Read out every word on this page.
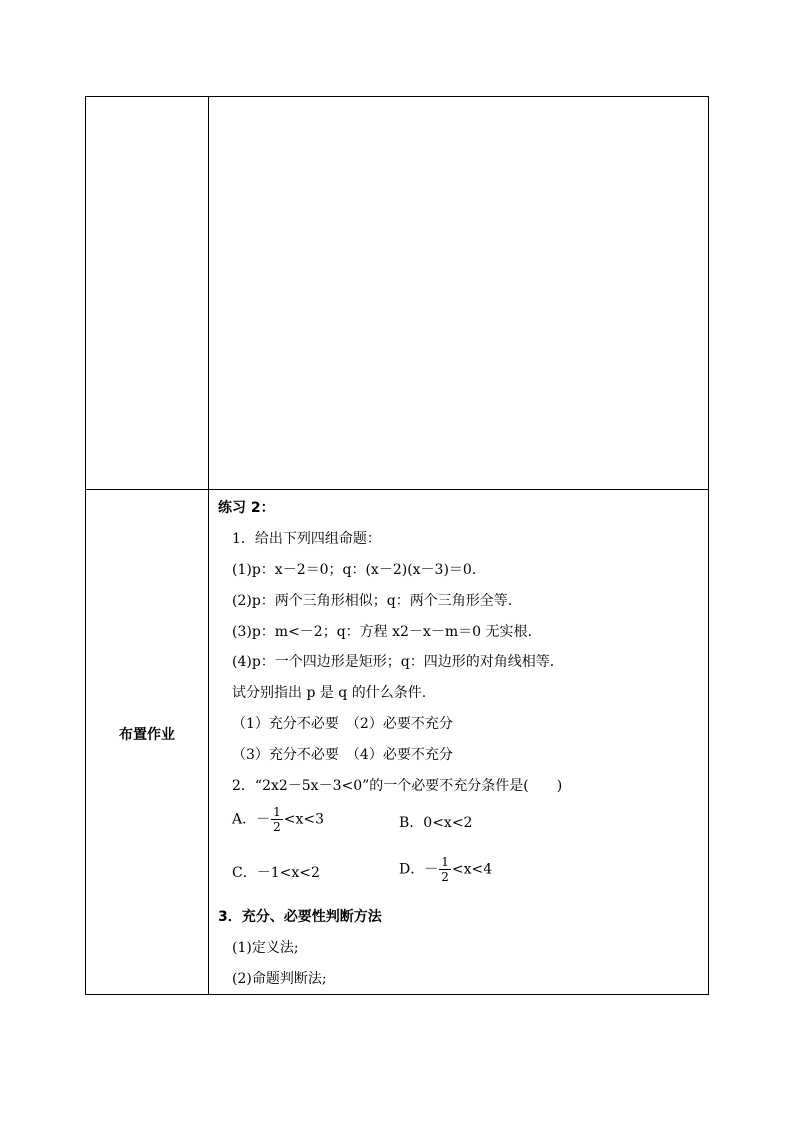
布置作业
练习 2：
1．给出下列四组命题：
(1)p：x－2＝0；q：(x－2)(x－3)＝0.
(2)p：两个三角形相似；q：两个三角形全等.
(3)p：m<－2；q：方程 x2－x－m＝0 无实根.
(4)p：一个四边形是矩形；q：四边形的对角线相等.
试分别指出 p 是 q 的什么条件.
（1）充分不必要　（2）必要不充分
（3）充分不必要　（4）必要不充分
2．“2x2－5x－3<0”的一个必要不充分条件是(　　)
A．－ $\frac{1}{2} <x<3$	B．0<x<2
C．－1<x<2	D．－ $\frac{1}{2} <x<4$
3．充分、必要性判断方法
(1)定义法;
(2)命题判断法;
